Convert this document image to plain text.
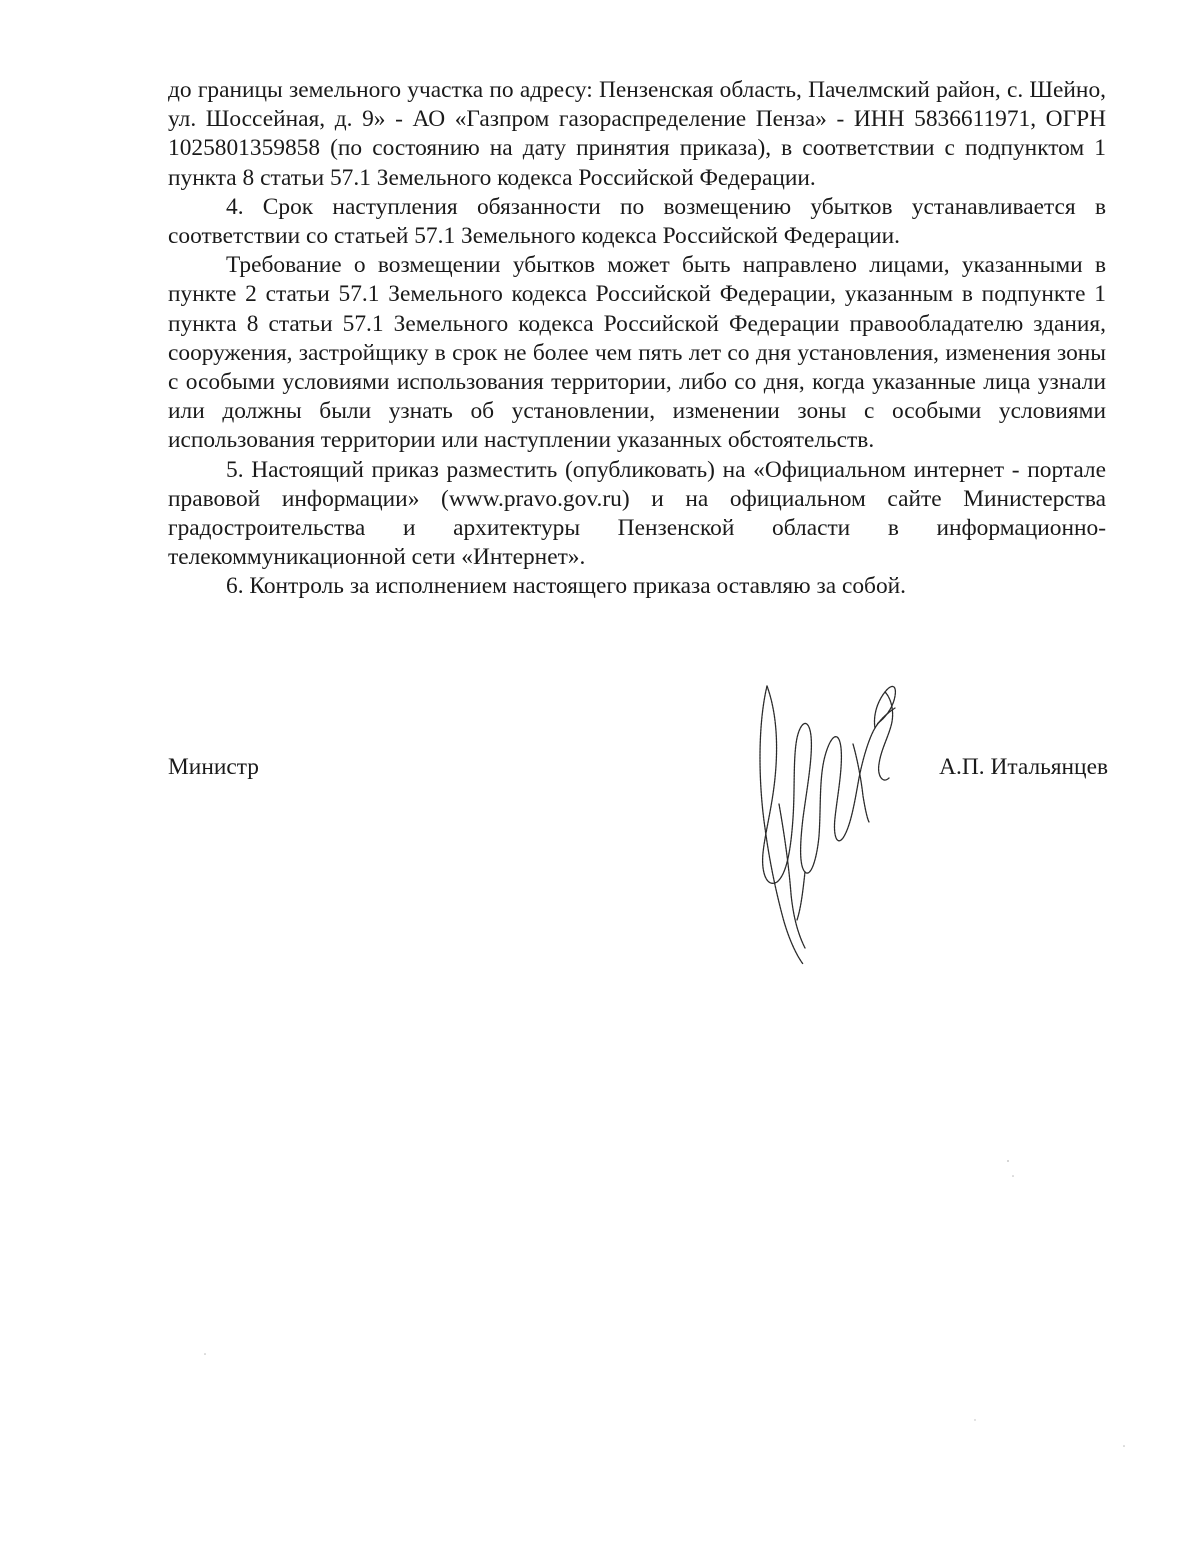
до границы земельного участка по адресу: Пензенская область, Пачелмский район, с. Шейно, ул. Шоссейная, д. 9» - АО «Газпром газораспределение Пенза» - ИНН 5836611971, ОГРН 1025801359858 (по состоянию на дату принятия приказа), в соответствии с подпунктом 1 пункта 8 статьи 57.1 Земельного кодекса Российской Федерации.

4. Срок наступления обязанности по возмещению убытков устанавливается в соответствии со статьей 57.1 Земельного кодекса Российской Федерации.

Требование о возмещении убытков может быть направлено лицами, указанными в пункте 2 статьи 57.1 Земельного кодекса Российской Федерации, указанным в подпункте 1 пункта 8 статьи 57.1 Земельного кодекса Российской Федерации правообладателю здания, сооружения, застройщику в срок не более чем пять лет со дня установления, изменения зоны с особыми условиями использования территории, либо со дня, когда указанные лица узнали или должны были узнать об установлении, изменении зоны с особыми условиями использования территории или наступлении указанных обстоятельств.

5. Настоящий приказ разместить (опубликовать) на «Официальном интернет - портале правовой информации» (www.pravo.gov.ru) и на официальном сайте Министерства градостроительства и архитектуры Пензенской области в информационно-телекоммуникационной сети «Интернет».

6. Контроль за исполнением настоящего приказа оставляю за собой.

Министр	А.П. Итальянцев
